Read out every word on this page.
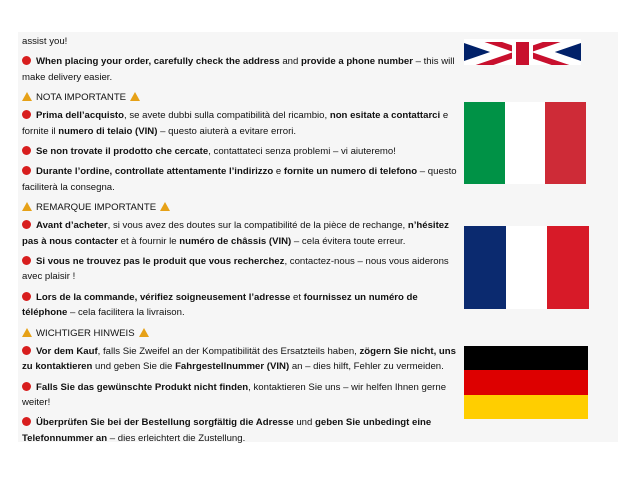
assist you!

When placing your order, carefully check the address and provide a phone number – this will make delivery easier.

NOTA IMPORTANTE

Prima dell’acquisto, se avete dubbi sulla compatibilità del ricambio, non esitate a contattarci e fornite il numero di telaio (VIN) – questo aiuterà a evitare errori.

Se non trovate il prodotto che cercate, contattateci senza problemi – vi aiuteremo!

Durante l’ordine, controllate attentamente l’indirizzo e fornite un numero di telefono – questo faciliterà la consegna.

REMARQUE IMPORTANTE

Avant d’acheter, si vous avez des doutes sur la compatibilité de la pièce de rechange, n’hésitez pas à nous contacter et à fournir le numéro de châssis (VIN) – cela évitera toute erreur.

Si vous ne trouvez pas le produit que vous recherchez, contactez-nous – nous vous aiderons avec plaisir !

Lors de la commande, vérifiez soigneusement l’adresse et fournissez un numéro de téléphone – cela facilitera la livraison.

WICHTIGER HINWEIS

Vor dem Kauf, falls Sie Zweifel an der Kompatibilität des Ersatzteils haben, zögern Sie nicht, uns zu kontaktieren und geben Sie die Fahrgestellnummer (VIN) an – dies hilft, Fehler zu vermeiden.

Falls Sie das gewünschte Produkt nicht finden, kontaktieren Sie uns – wir helfen Ihnen gerne weiter!

Überprüfen Sie bei der Bestellung sorgfältig die Adresse und geben Sie unbedingt eine Telefonnummer an – dies erleichtert die Zustellung.
